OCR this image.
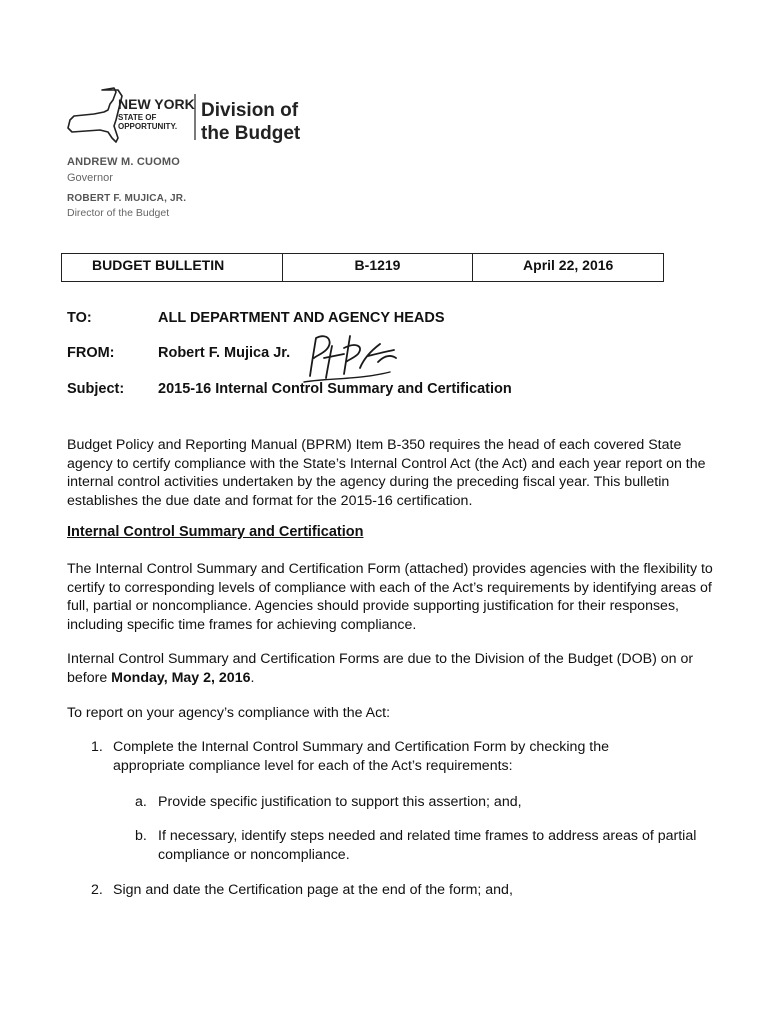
NEW YORK
STATE OF
OPPORTUNITY.
Division of
the Budget
ANDREW M. CUOMO
Governor
ROBERT F. MUJICA, JR.
Director of the Budget
BUDGET BULLETIN	B-1219	April 22, 2016
TO:	ALL DEPARTMENT AND AGENCY HEADS
FROM:	Robert F. Mujica Jr.
Subject: 2015-16 Internal Control Summary and Certification

Budget Policy and Reporting Manual (BPRM) Item B-350 requires the head of each covered State agency to certify compliance with the State’s Internal Control Act (the Act) and each year report on the internal control activities undertaken by the agency during the preceding fiscal year. This bulletin establishes the due date and format for the 2015-16 certification.

Internal Control Summary and Certification

The Internal Control Summary and Certification Form (attached) provides agencies with the flexibility to certify to corresponding levels of compliance with each of the Act’s requirements by identifying areas of full, partial or noncompliance. Agencies should provide supporting justification for their responses, including specific time frames for achieving compliance.

Internal Control Summary and Certification Forms are due to the Division of the Budget (DOB) on or before Monday, May 2, 2016.

To report on your agency’s compliance with the Act:

1. Complete the Internal Control Summary and Certification Form by checking the appropriate compliance level for each of the Act’s requirements:

a. Provide specific justification to support this assertion; and,

b. If necessary, identify steps needed and related time frames to address areas of partial compliance or noncompliance.

2. Sign and date the Certification page at the end of the form; and,
